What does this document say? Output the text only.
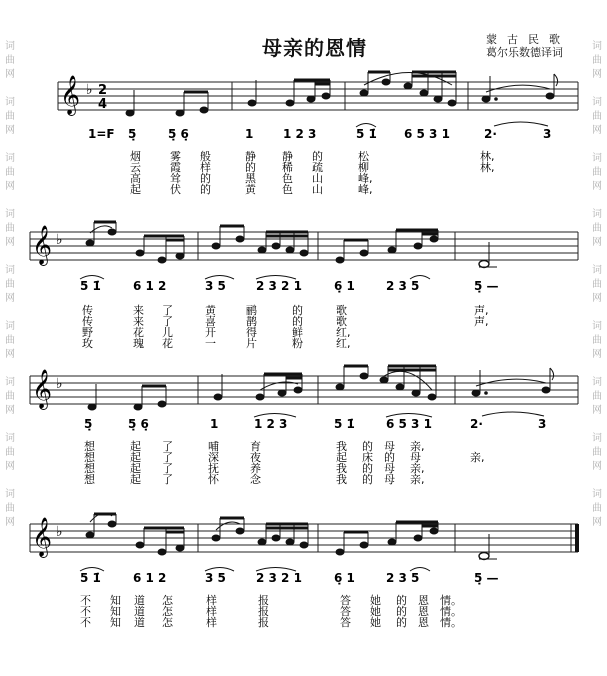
词
曲
网
词
曲
网
词
曲
网
词
曲
网
词
曲
网
词
曲
网
词
曲
网
词
曲
网
词
曲
网
词
曲
网
词
曲
网
词
曲
网
词
曲
网
词
曲
网
词
曲
网
词
曲
网
词
曲
网
词
曲
网
母亲的恩情	蒙古民歌
葛尔乐数德译词
𝄞 ♭ 2
4
1=F 5̣	5̣ 6̣	1 1 2 3	5 1̇ 6 5 3 1	2·	3
烟	雾 般	静 静 的	松	林,
云	霞 样	的 稀 疏	柳	林,
高	耸 的	黑 色 山	峰,
起	伏 的	黄 色 山	峰,
𝄞 ♭
5 1̇	6 1 2	3 5	2 3 2 1	6̣ 1	2 3 5	5̣ —
传	来 了	黄	鹂	的	歌	声,
传	来 了	喜	鹊	的	歌	声,
野	花 儿	开	得	鲜	红,
玫	瑰 花	一	片	粉	红,
𝄞 ♭
5̣	5̣ 6̣	1	1 2 3	5 1̇	6 5 3 1	2·	3
想	起 了	哺	育	我 的 母 亲,
想	起 了	深	夜	起 床 的 母	亲,
想	起 了	抚	养	我 的 母 亲,
想	起 了	怀	念	我 的 母 亲,
𝄞 ♭
5 1̇	6 1 2	3 5	2 3 2 1	6̣ 1	2 3 5	5̣ —
不 知 道 怎	样	报	答 她 的 恩 情。
不 知 道 怎	样	报	答 她 的 恩 情。
不 知 道 怎	样	报	答 她 的 恩 情。
